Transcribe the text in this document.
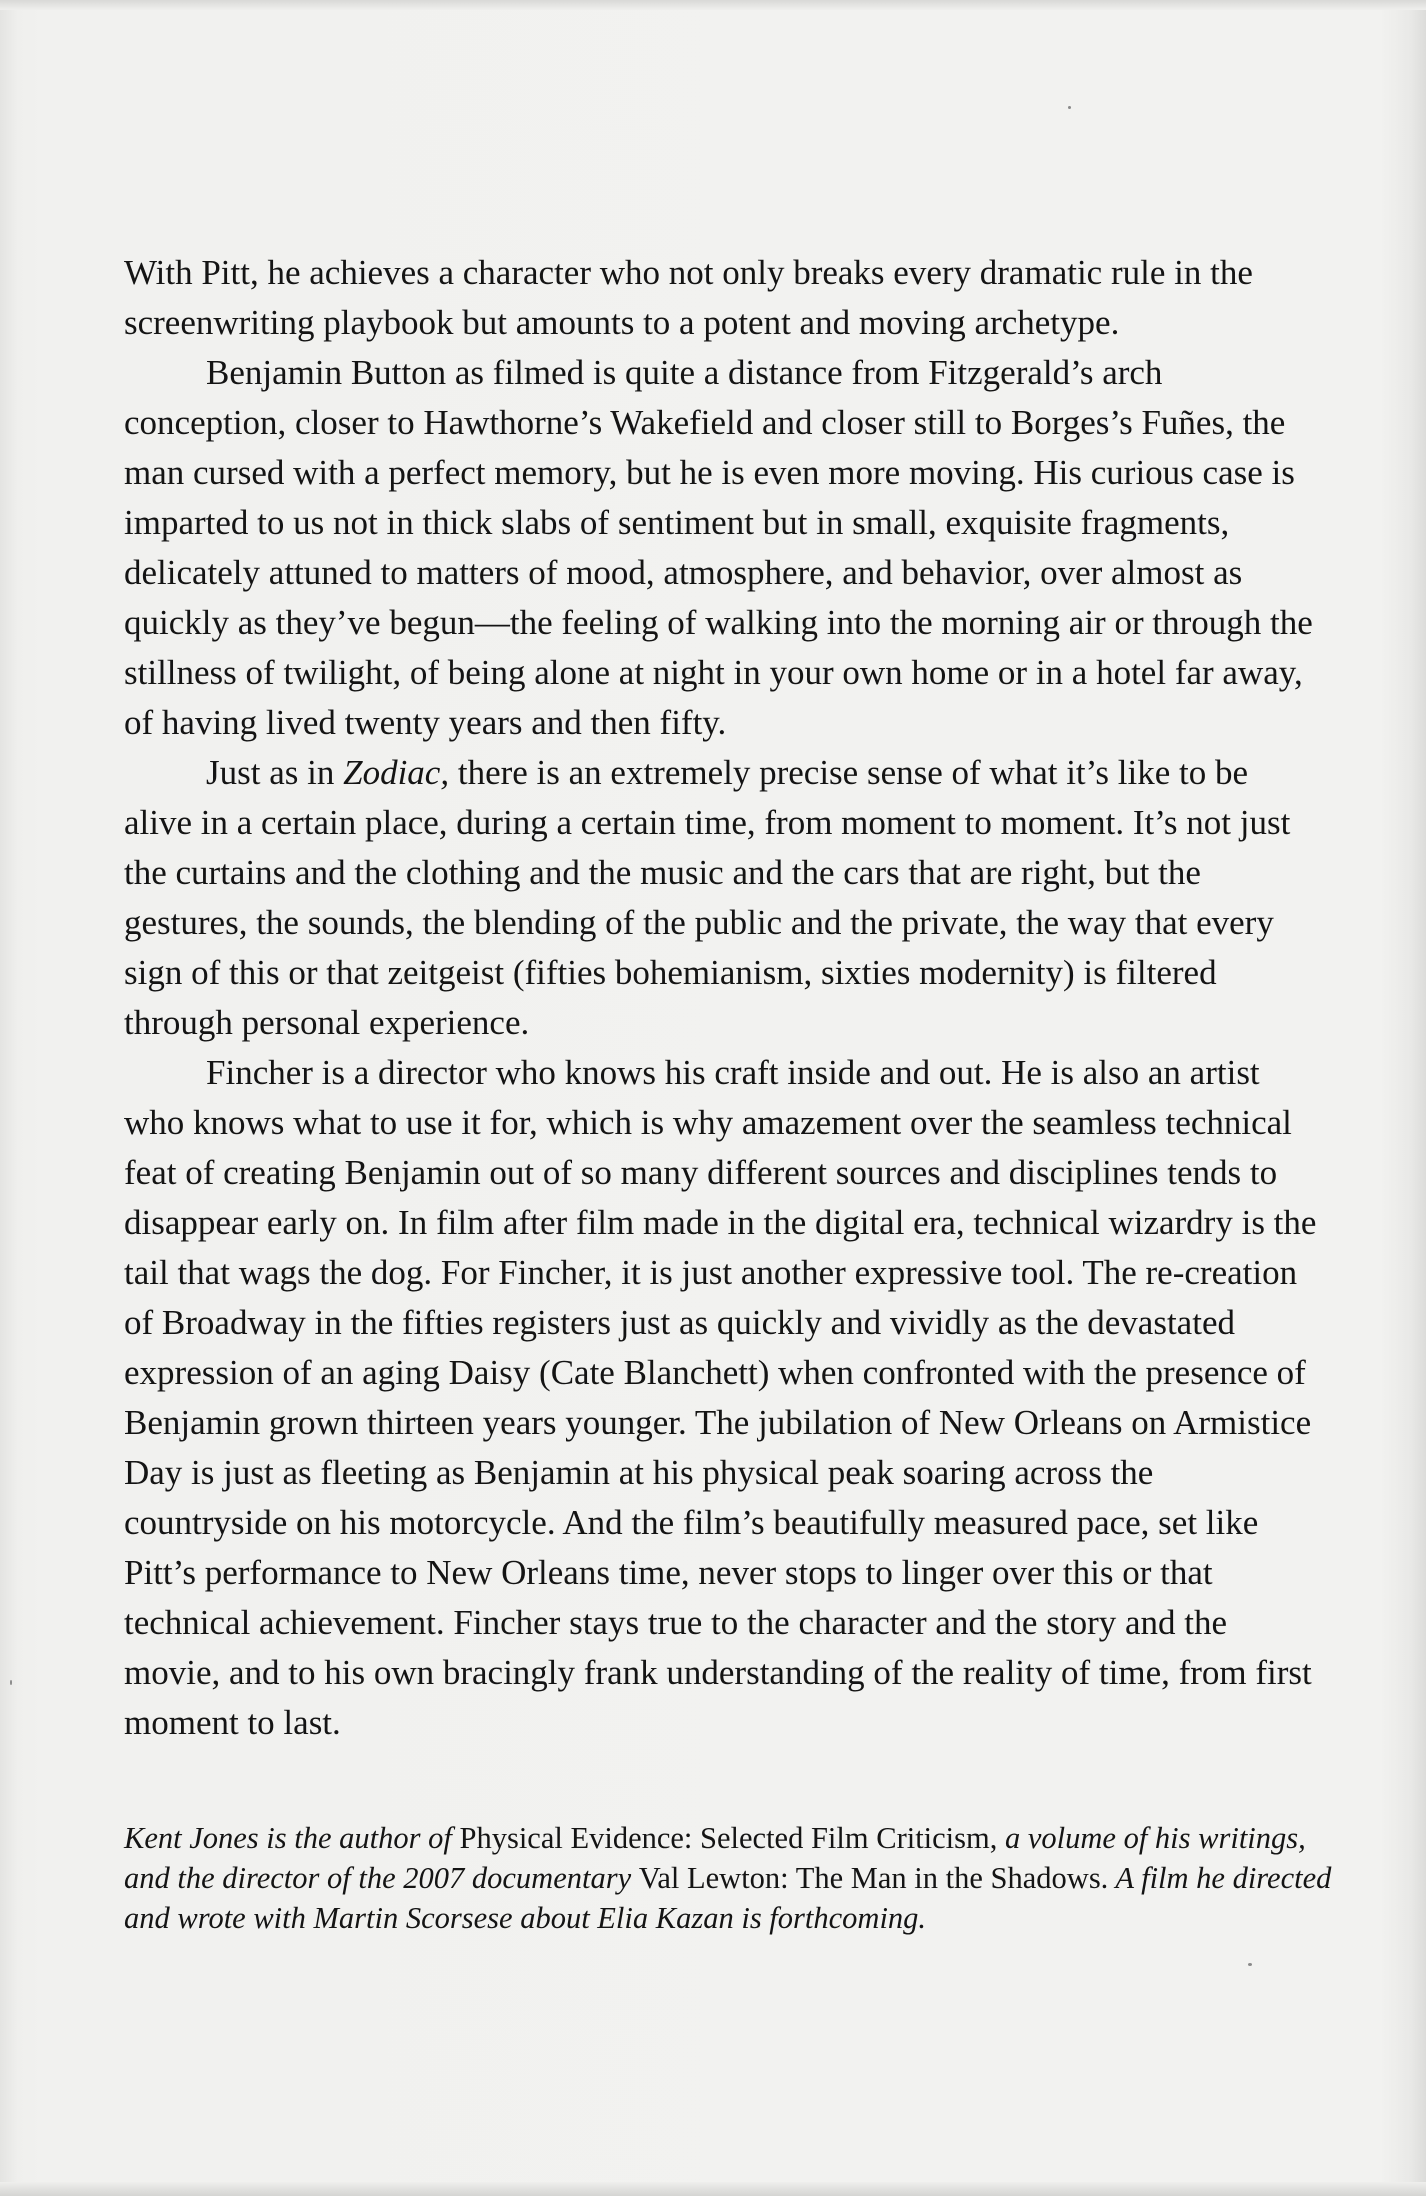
With Pitt, he achieves a character who not only breaks every dramatic rule in the screenwriting playbook but amounts to a potent and moving archetype.

Benjamin Button as filmed is quite a distance from Fitzgerald’s arch conception, closer to Hawthorne’s Wakefield and closer still to Borges’s Fuñes, the man cursed with a perfect memory, but he is even more moving. His curious case is imparted to us not in thick slabs of sentiment but in small, exquisite fragments, delicately attuned to matters of mood, atmosphere, and behavior, over almost as quickly as they’ve begun—the feeling of walking into the morning air or through the stillness of twilight, of being alone at night in your own home or in a hotel far away, of having lived twenty years and then fifty.

Just as in Zodiac, there is an extremely precise sense of what it’s like to be alive in a certain place, during a certain time, from moment to moment. It’s not just the curtains and the clothing and the music and the cars that are right, but the gestures, the sounds, the blending of the public and the private, the way that every sign of this or that zeitgeist (fifties bohemianism, sixties modernity) is filtered through personal experience.

Fincher is a director who knows his craft inside and out. He is also an artist who knows what to use it for, which is why amazement over the seamless technical feat of creating Benjamin out of so many different sources and disciplines tends to disappear early on. In film after film made in the digital era, technical wizardry is the tail that wags the dog. For Fincher, it is just another expressive tool. The re-creation of Broadway in the fifties registers just as quickly and vividly as the devastated expression of an aging Daisy (Cate Blanchett) when confronted with the presence of Benjamin grown thirteen years younger. The jubilation of New Orleans on Armistice Day is just as fleeting as Benjamin at his physical peak soaring across the countryside on his motorcycle. And the film’s beautifully measured pace, set like Pitt’s performance to New Orleans time, never stops to linger over this or that technical achievement. Fincher stays true to the character and the story and the movie, and to his own bracingly frank understanding of the reality of time, from first moment to last.

Kent Jones is the author of Physical Evidence: Selected Film Criticism, a volume of his writings, and the director of the 2007 documentary Val Lewton: The Man in the Shadows. A film he directed and wrote with Martin Scorsese about Elia Kazan is forthcoming.
